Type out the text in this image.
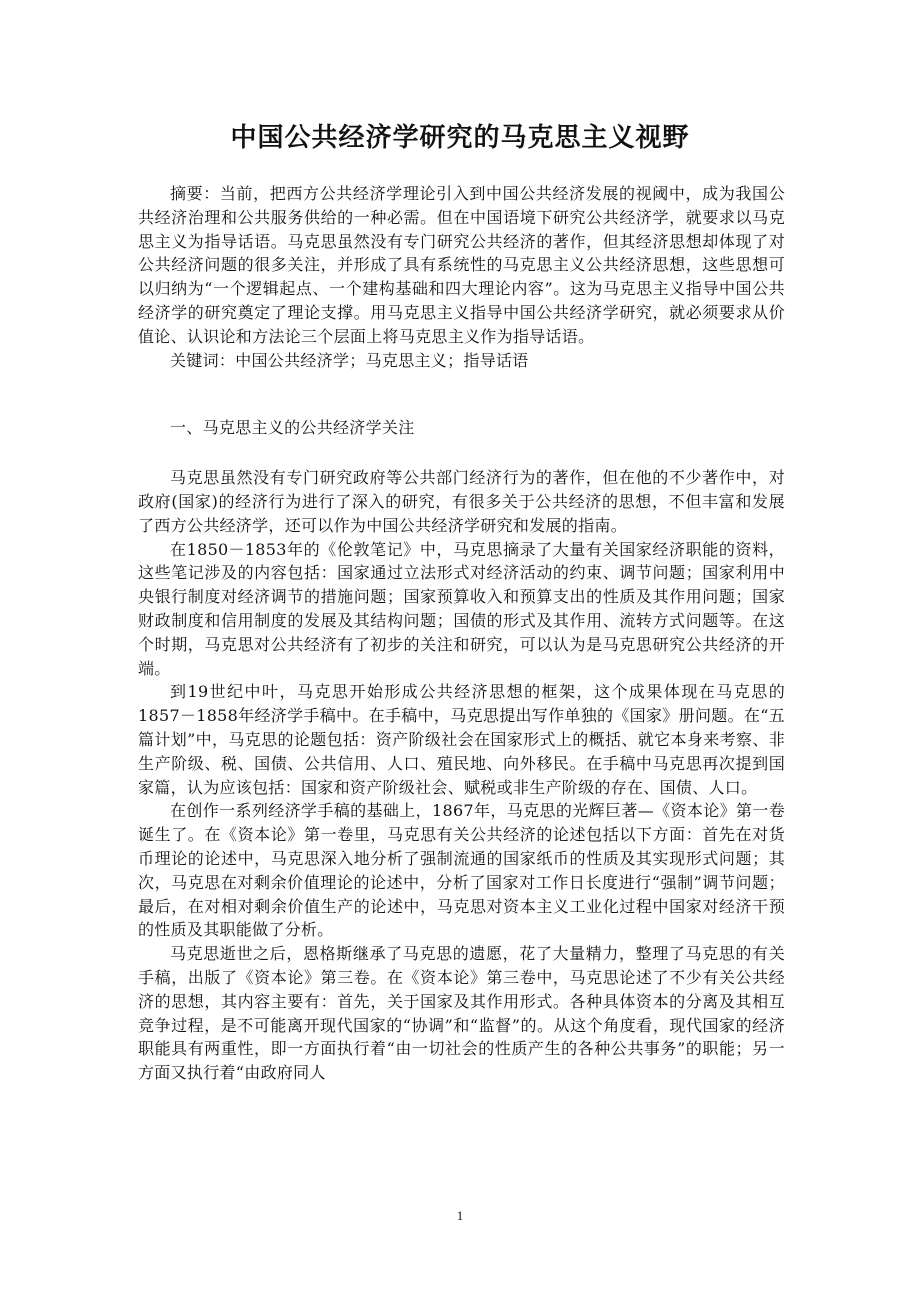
中国公共经济学研究的马克思主义视野

摘要：当前，把西方公共经济学理论引入到中国公共经济发展的视阈中，成为我国公共经济治理和公共服务供给的一种必需。但在中国语境下研究公共经济学，就要求以马克思主义为指导话语。马克思虽然没有专门研究公共经济的著作，但其经济思想却体现了对公共经济问题的很多关注，并形成了具有系统性的马克思主义公共经济思想，这些思想可以归纳为“一个逻辑起点、一个建构基础和四大理论内容”。这为马克思主义指导中国公共经济学的研究奠定了理论支撑。用马克思主义指导中国公共经济学研究，就必须要求从价值论、认识论和方法论三个层面上将马克思主义作为指导话语。

关键词：中国公共经济学；马克思主义；指导话语

一、马克思主义的公共经济学关注

马克思虽然没有专门研究政府等公共部门经济行为的著作，但在他的不少著作中，对政府(国家)的经济行为进行了深入的研究，有很多关于公共经济的思想，不但丰富和发展了西方公共经济学，还可以作为中国公共经济学研究和发展的指南。

在1850－1853年的《伦敦笔记》中，马克思摘录了大量有关国家经济职能的资料，这些笔记涉及的内容包括：国家通过立法形式对经济活动的约束、调节问题；国家利用中央银行制度对经济调节的措施问题；国家预算收入和预算支出的性质及其作用问题；国家财政制度和信用制度的发展及其结构问题；国债的形式及其作用、流转方式问题等。在这个时期，马克思对公共经济有了初步的关注和研究，可以认为是马克思研究公共经济的开端。

到19世纪中叶，马克思开始形成公共经济思想的框架，这个成果体现在马克思的1857－1858年经济学手稿中。在手稿中，马克思提出写作单独的《国家》册问题。在“五篇计划”中，马克思的论题包括：资产阶级社会在国家形式上的概括、就它本身来考察、非生产阶级、税、国债、公共信用、人口、殖民地、向外移民。在手稿中马克思再次提到国家篇，认为应该包括：国家和资产阶级社会、赋税或非生产阶级的存在、国债、人口。

在创作一系列经济学手稿的基础上，1867年，马克思的光辉巨著—《资本论》第一卷诞生了。在《资本论》第一卷里，马克思有关公共经济的论述包括以下方面：首先在对货币理论的论述中，马克思深入地分析了强制流通的国家纸币的性质及其实现形式问题；其次，马克思在对剩余价值理论的论述中，分析了国家对工作日长度进行“强制”调节问题；最后，在对相对剩余价值生产的论述中，马克思对资本主义工业化过程中国家对经济干预的性质及其职能做了分析。

马克思逝世之后，恩格斯继承了马克思的遗愿，花了大量精力，整理了马克思的有关手稿，出版了《资本论》第三卷。在《资本论》第三卷中，马克思论述了不少有关公共经济的思想，其内容主要有：首先，关于国家及其作用形式。各种具体资本的分离及其相互竞争过程，是不可能离开现代国家的“协调”和“监督”的。从这个角度看，现代国家的经济职能具有两重性，即一方面执行着“由一切社会的性质产生的各种公共事务”的职能；另一方面又执行着“由政府同人

1
